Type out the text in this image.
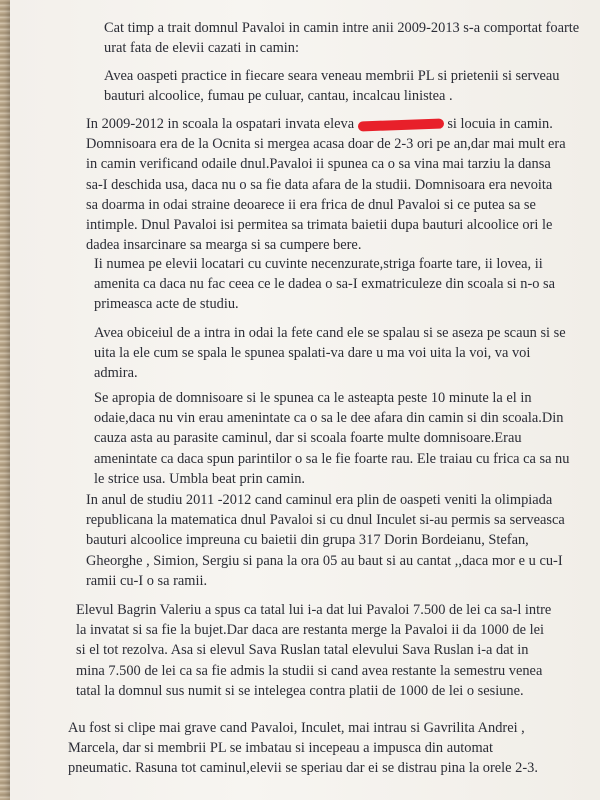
Cat timp a trait domnul Pavaloi in camin intre anii 2009-2013 s-a comportat foarte
urat fata de elevii cazati in camin:

Avea oaspeti practice in fiecare seara veneau membrii PL si prietenii si serveau
bauturi alcoolice, fumau pe culuar, cantau, incalcau linistea .

In 2009-2012 in scoala la ospatari invata eleva	si locuia in camin.
Domnisoara era de la Ocnita si mergea acasa doar de 2-3 ori pe an,dar mai mult era
in camin verificand odaile dnul.Pavaloi ii spunea ca o sa vina mai tarziu la dansa
sa-I deschida usa, daca nu o sa fie data afara de la studii. Domnisoara era nevoita
sa doarma in odai straine deoarece ii era frica de dnul Pavaloi si ce putea sa se
intimple. Dnul Pavaloi isi permitea sa trimata baietii dupa bauturi alcoolice ori le
dadea insarcinare sa mearga si sa cumpere bere.

Ii numea pe elevii locatari cu cuvinte necenzurate,striga foarte tare, ii lovea, ii
amenita ca daca nu fac ceea ce le dadea o sa-I exmatriculeze din scoala si n-o sa
primeasca acte de studiu.

Avea obiceiul de a intra in odai la fete cand ele se spalau si se aseza pe scaun si se
uita la ele cum se spala le spunea spalati-va dare u ma voi uita la voi, va voi
admira.

Se apropia de domnisoare si le spunea ca le asteapta peste 10 minute la el in
odaie,daca nu vin erau amenintate ca o sa le dee afara din camin si din scoala.Din
cauza asta au parasite caminul, dar si scoala foarte multe domnisoare.Erau
amenintate ca daca spun parintilor o sa le fie foarte rau. Ele traiau cu frica ca sa nu
le strice usa. Umbla beat prin camin.

In anul de studiu 2011 -2012 cand caminul era plin de oaspeti veniti la olimpiada
republicana la matematica dnul Pavaloi si cu dnul Inculet si-au permis sa serveasca
bauturi alcoolice impreuna cu baietii din grupa 317 Dorin Bordeianu, Stefan,
Gheorghe , Simion, Sergiu si pana la ora 05 au baut si au cantat ,,daca mor e u cu-I
ramii cu-I o sa ramii.

Elevul Bagrin Valeriu a spus ca tatal lui i-a dat lui Pavaloi 7.500 de lei ca sa-l intre
la invatat si sa fie la bujet.Dar daca are restanta merge la Pavaloi ii da 1000 de lei
si el tot rezolva. Asa si elevul Sava Ruslan tatal elevului Sava Ruslan i-a dat in
mina 7.500 de lei ca sa fie admis la studii si cand avea restante la semestru venea
tatal la domnul sus numit si se intelegea contra platii de 1000 de lei o sesiune.

Au fost si clipe mai grave cand Pavaloi, Inculet, mai intrau si Gavrilita Andrei ,
Marcela, dar si membrii PL se imbatau si incepeau a impusca din automat
pneumatic. Rasuna tot caminul,elevii se speriau dar ei se distrau pina la orele 2-3.
